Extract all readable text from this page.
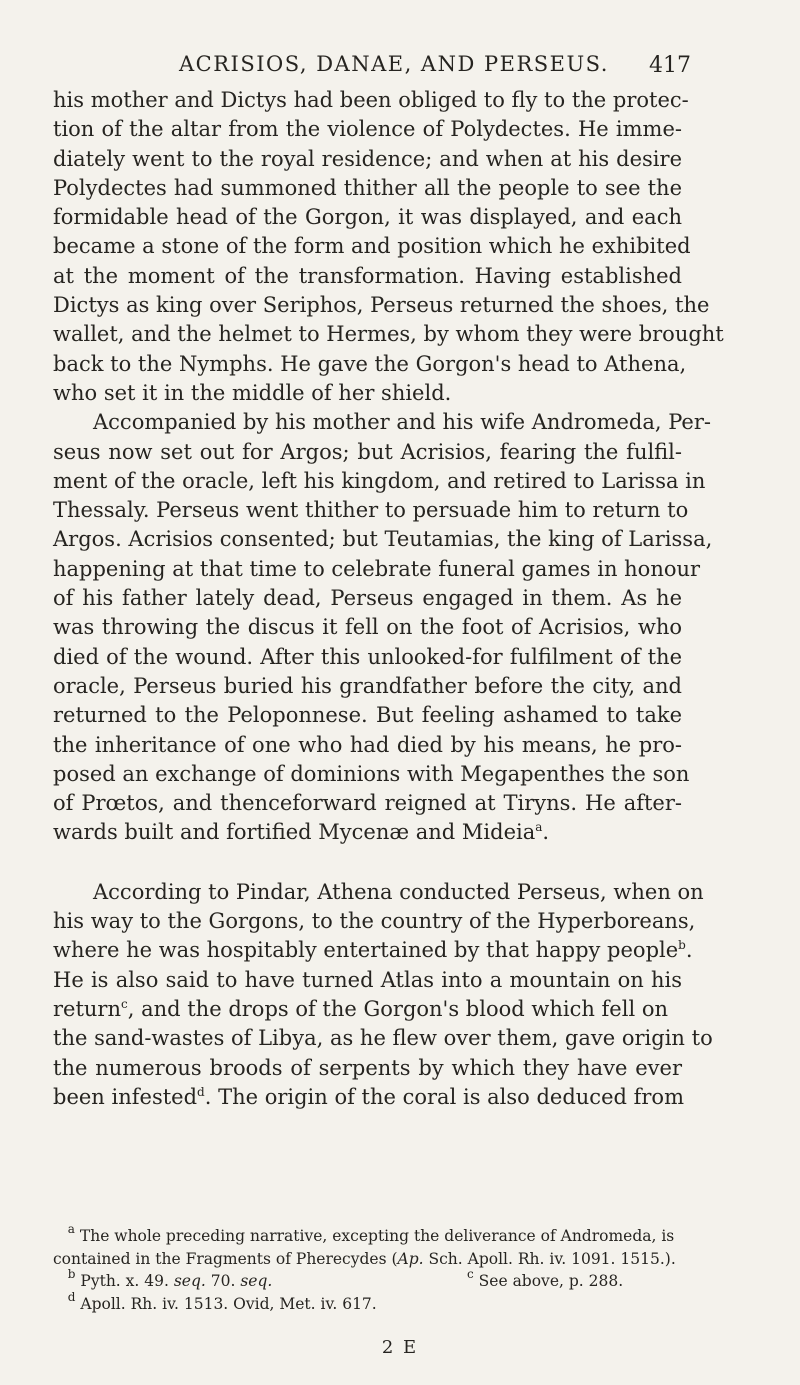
ACRISIOS, DANAE, AND PERSEUS.	417
his mother and Dictys had been obliged to fly to the protec-
tion of the altar from the violence of Polydectes. He imme-
diately went to the royal residence; and when at his desire
Polydectes had summoned thither all the people to see the
formidable head of the Gorgon, it was displayed, and each
became a stone of the form and position which he exhibited
at the moment of the transformation. Having established
Dictys as king over Seriphos, Perseus returned the shoes, the
wallet, and the helmet to Hermes, by whom they were brought
back to the Nymphs. He gave the Gorgon's head to Athena,
who set it in the middle of her shield.
Accompanied by his mother and his wife Andromeda, Per-
seus now set out for Argos; but Acrisios, fearing the fulfil-
ment of the oracle, left his kingdom, and retired to Larissa in
Thessaly. Perseus went thither to persuade him to return to
Argos. Acrisios consented; but Teutamias, the king of Larissa,
happening at that time to celebrate funeral games in honour
of his father lately dead, Perseus engaged in them. As he
was throwing the discus it fell on the foot of Acrisios, who
died of the wound. After this unlooked-for fulfilment of the
oracle, Perseus buried his grandfather before the city, and
returned to the Peloponnese. But feeling ashamed to take
the inheritance of one who had died by his means, he pro-
posed an exchange of dominions with Megapenthes the son
of Prœtos, and thenceforward reigned at Tiryns. He after-
wards built and fortified Mycenæ and Mideia$^a$.
According to Pindar, Athena conducted Perseus, when on
his way to the Gorgons, to the country of the Hyperboreans,
where he was hospitably entertained by that happy people$^b$.
He is also said to have turned Atlas into a mountain on his
return$^c$, and the drops of the Gorgon's blood which fell on
the sand-wastes of Libya, as he flew over them, gave origin to
the numerous broods of serpents by which they have ever
been infested$^d$. The origin of the coral is also deduced from
$^a$ The whole preceding narrative, excepting the deliverance of Andromeda, is
contained in the Fragments of Pherecydes (Ap. Sch. Apoll. Rh. iv. 1091. 1515.).
$^b$ Pyth. x. 49. seq. 70. seq.	$^c$ See above, p. 288.
$^d$ Apoll. Rh. iv. 1513. Ovid, Met. iv. 617.
2 E
